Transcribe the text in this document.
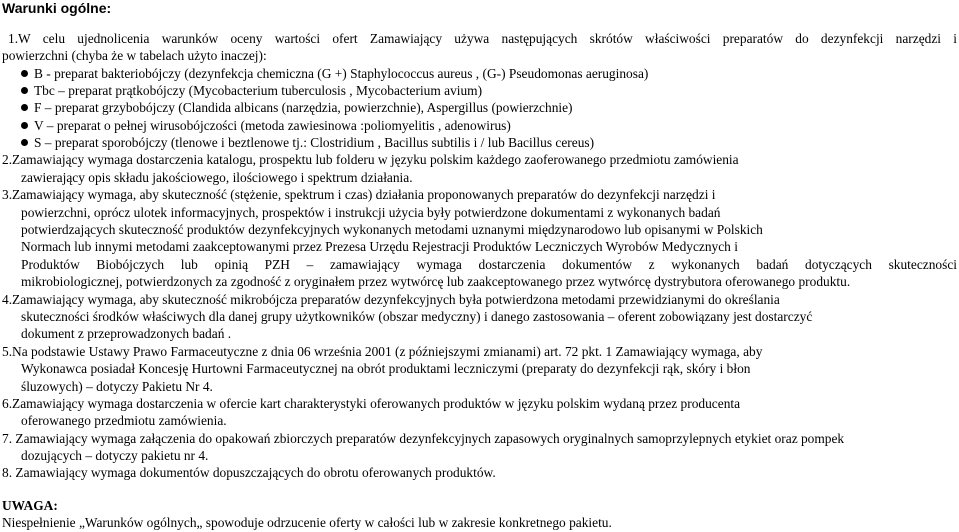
Warunki ogólne:
1.W celu ujednolicenia warunków oceny wartości ofert Zamawiający używa następujących skrótów właściwości preparatów do dezynfekcji narzędzi i
powierzchni (chyba że w tabelach użyto inaczej):
B - preparat bakteriobójczy (dezynfekcja chemiczna (G +) Staphylococcus aureus , (G-) Pseudomonas aeruginosa)
Tbc – preparat prątkobójczy (Mycobacterium tuberculosis , Mycobacterium avium)
F – preparat grzybobójczy (Clandida albicans (narzędzia, powierzchnie), Aspergillus (powierzchnie)
V – preparat o pełnej wirusobójczości (metoda zawiesinowa :poliomyelitis , adenowirus)
S – preparat sporobójczy (tlenowe i beztlenowe tj.: Clostridium , Bacillus subtilis i / lub Bacillus cereus)
2.Zamawiający wymaga dostarczenia katalogu, prospektu lub folderu w języku polskim każdego zaoferowanego przedmiotu zamówienia
zawierający opis składu jakościowego, ilościowego i spektrum działania.
3.Zamawiający wymaga, aby skuteczność (stężenie, spektrum i czas) działania proponowanych preparatów do dezynfekcji narzędzi i
powierzchni, oprócz ulotek informacyjnych, prospektów i instrukcji użycia były potwierdzone dokumentami z wykonanych badań
potwierdzających skuteczność produktów dezynfekcyjnych wykonanych metodami uznanymi międzynarodowo lub opisanymi w Polskich
Normach lub innymi metodami zaakceptowanymi przez Prezesa Urzędu Rejestracji Produktów Leczniczych Wyrobów Medycznych i
Produktów Biobójczych lub opinią PZH – zamawiający wymaga dostarczenia dokumentów z wykonanych badań dotyczących skuteczności
mikrobiologicznej, potwierdzonych za zgodność z oryginałem przez wytwórcę lub zaakceptowanego przez wytwórcę dystrybutora oferowanego produktu.
4.Zamawiający wymaga, aby skuteczność mikrobójcza preparatów dezynfekcyjnych była potwierdzona metodami przewidzianymi do określania
skuteczności środków właściwych dla danej grupy użytkowników (obszar medyczny) i danego zastosowania – oferent zobowiązany jest dostarczyć
dokument z przeprowadzonych badań .
5.Na podstawie Ustawy Prawo Farmaceutyczne z dnia 06 września 2001 (z późniejszymi zmianami) art. 72 pkt. 1 Zamawiający wymaga, aby
Wykonawca posiadał Koncesję Hurtowni Farmaceutycznej na obrót produktami leczniczymi (preparaty do dezynfekcji rąk, skóry i błon
śluzowych) – dotyczy Pakietu Nr 4.
6.Zamawiający wymaga dostarczenia w ofercie kart charakterystyki oferowanych produktów w języku polskim wydaną przez producenta
oferowanego przedmiotu zamówienia.
7. Zamawiający wymaga załączenia do opakowań zbiorczych preparatów dezynfekcyjnych zapasowych oryginalnych samoprzylepnych etykiet oraz pompek
dozujących – dotyczy pakietu nr 4.
8. Zamawiający wymaga dokumentów dopuszczających do obrotu oferowanych produktów.
UWAGA:
Niespełnienie „Warunków ogólnych„ spowoduje odrzucenie oferty w całości lub w zakresie konkretnego pakietu.
